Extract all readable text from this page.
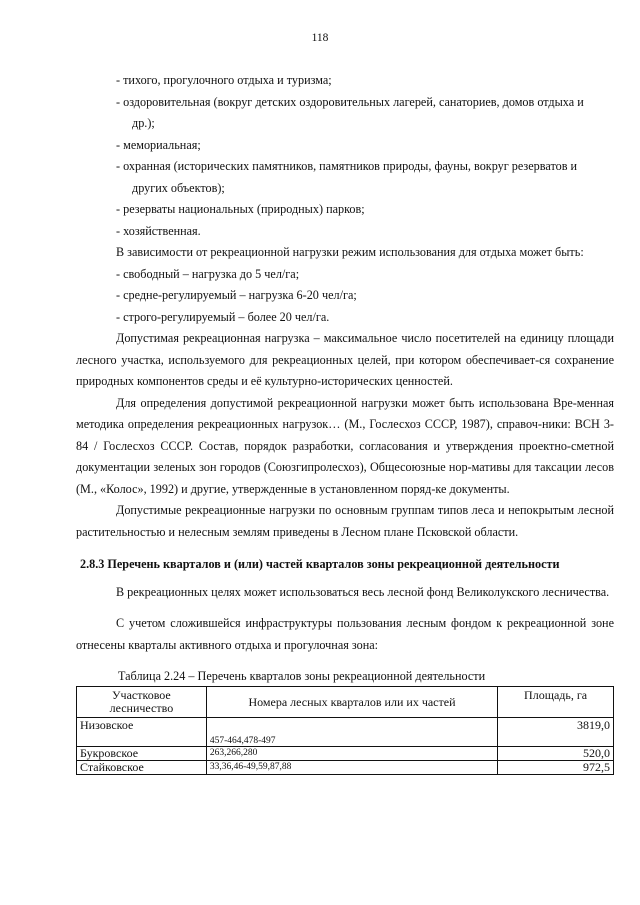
118
- тихого, прогулочного отдыха и туризма;
- оздоровительная (вокруг детских оздоровительных лагерей, санаториев, домов отдыха и
др.);
- мемориальная;
- охранная (исторических памятников, памятников природы, фауны, вокруг резерватов и
других объектов);
- резерваты национальных (природных) парков;
- хозяйственная.

В зависимости от рекреационной нагрузки режим использования для отдыха может быть:

- свободный – нагрузка до 5 чел/га;
- средне-регулируемый – нагрузка 6-20 чел/га;
- строго-регулируемый – более 20 чел/га.

Допустимая рекреационная нагрузка – максимальное число посетителей на единицу площади лесного участка, используемого для рекреационных целей, при котором обеспечивает-ся сохранение природных компонентов среды и её культурно-исторических ценностей.

Для определения допустимой рекреационной нагрузки может быть использована Вре-менная методика определения рекреационных нагрузок… (М., Гослесхоз СССР, 1987), справоч-ники: ВСН 3-84 / Гослесхоз СССР. Состав, порядок разработки, согласования и утверждения проектно-сметной документации зеленых зон городов (Союзгипролесхоз), Общесоюзные нор-мативы для таксации лесов (М., «Колос», 1992) и другие, утвержденные в установленном поряд-ке документы.

Допустимые рекреационные нагрузки по основным группам типов леса и непокрытым лесной растительностью и нелесным землям приведены в Лесном плане Псковской области.

2.8.3 Перечень кварталов и (или) частей кварталов зоны рекреационной деятельности

В рекреационных целях может использоваться весь лесной фонд Великолукского лесничества.

С учетом сложившейся инфраструктуры пользования лесным фондом к рекреационной зоне отнесены кварталы активного отдыха и прогулочная зона:

Таблица 2.24 – Перечень кварталов зоны рекреационной деятельности
Участковое лесничество	Номера лесных кварталов или их частей	Площадь, га
Низовское	457-464,478-497	3819,0
Букровское	263,266,280	520,0
Стайковское	33,36,46-49,59,87,88	972,5
